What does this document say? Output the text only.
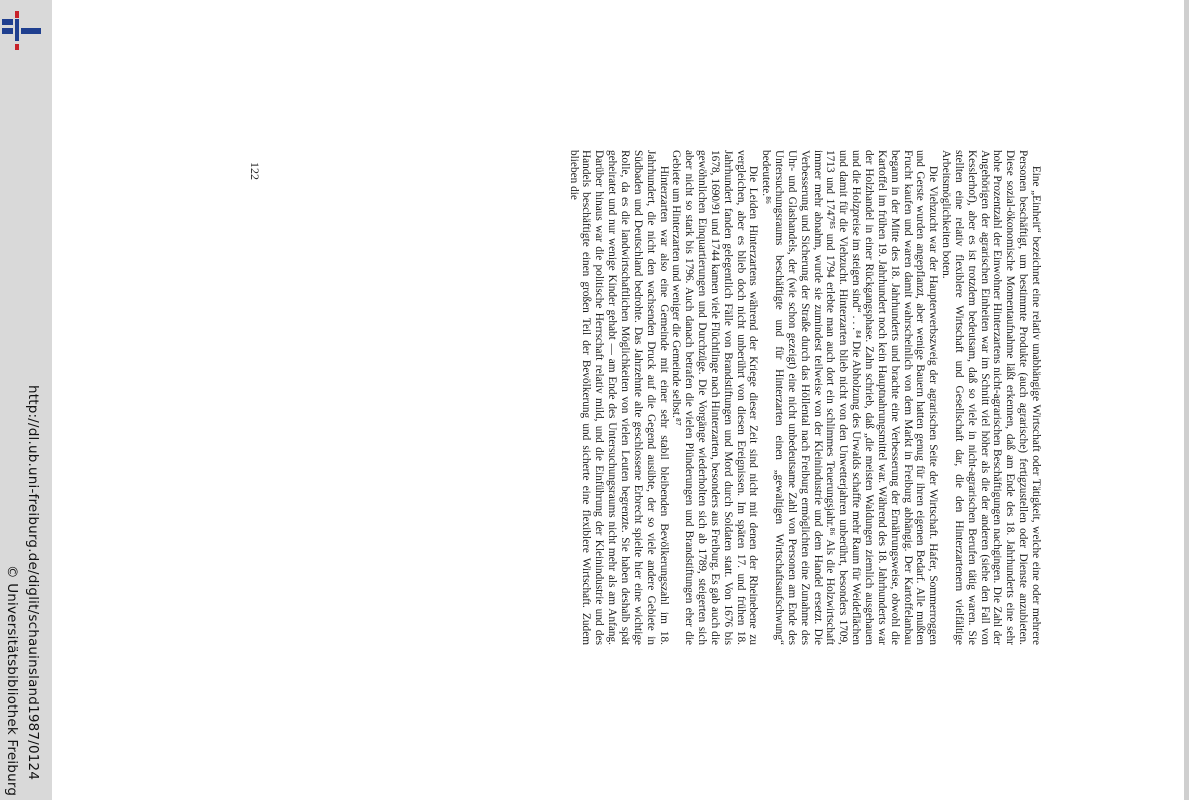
http://dl.ub.uni-freiburg.de/diglit/schauinsland1987/0124
© Universitätsbibliothek Freiburg

Eine „Einheit“ bezeichnet eine relativ unabhängige Wirtschaft oder Tätigkeit, welche eine oder mehrere Personen beschäftigt, um bestimmte Produkte (auch agrarische) fertigzustellen oder Dienste anzubieten. Diese sozial-ökonomische Momentaufnahme läßt erkennen, daß am Ende des 18. Jahrhunderts eine sehr hohe Prozentzahl der Einwohner Hinterzartens nicht-agrarischen Beschäftigungen nachgingen. Die Zahl der Angehörigen der agrarischen Einheiten war im Schnitt viel höher als die der anderen (siehe den Fall von Kesslerhof), aber es ist trotzdem bedeutsam, daß so viele in nicht-agrarischen Berufen tätig waren. Sie stellten eine relativ flexiblere Wirtschaft und Gesellschaft dar, die den Hinterzartenern vielfältige Arbeitsmöglichkeiten boten.

Die Viehzucht war der Haupterwerbszweig der agrarischen Seite der Wirtschaft. Hafer, Sommerroggen und Gerste wurden angepflanzt, aber wenige Bauern hatten genug für ihren eigenen Bedarf. Alle mußten Frucht kaufen und waren damit wahrscheinlich von dem Markt in Freiburg abhängig. Der Kartoffelanbau begann in der Mitte des 18. Jahrhunderts und brachte eine Verbesserung der Ernährungsweise, obwohl die Kartoffel im frühen 19. Jahrhundert noch kein Hauptnahrungsmittel war. Während des 18. Jahrhunderts war der Holzhandel in einer Rückgangsphase. Zahn schrieb, daß „die meisten Waldungen ziemlich ausgehauen und die Holzpreise im steigen sind“ . . .⁸⁴ Die Abholzung des Urwalds schaffte mehr Raum für Weideflächen und damit für die Viehzucht. Hinterzarten blieb nicht von den Unwetterjahren unberührt, besonders 1709, 1713 und 1747⁸⁵ und 1794 erlebte man auch dort ein schlimmes Teuerungsjahr.⁸⁶ Als die Holzwirtschaft immer mehr abnahm, wurde sie zumindest teilweise von der Kleinindustrie und dem Handel ersetzt. Die Verbesserung und Sicherung der Straße durch das Höllental nach Freiburg ermöglichten eine Zunahme des Uhr- und Glashandels, der (wie schon gezeigt) eine nicht unbedeutsame Zahl von Personen am Ende des Untersuchungsraums beschäftigte und für Hinterzarten einen „gewaltigen Wirtschaftsaufschwung“ bedeutete.⁸⁶

Die Leiden Hinterzartens während der Kriege dieser Zeit sind nicht mit denen der Rheinebene zu vergleichen, aber es blieb doch nicht unberührt von diesen Ereignissen. Im späten 17. und frühen 18. Jahrhundert fanden gelegentlich Fälle von Brandstiftungen und Mord durch Soldaten statt. Von 1676 bis 1678, 1690/91 und 1744 kamen viele Flüchtlinge nach Hinterzarten, besonders aus Freiburg. Es gab auch die gewöhnlichen Einquartierungen und Durchzüge. Die Vorgänge wiederholten sich ab 1789, steigerten sich aber nicht so stark bis 1796. Auch danach betrafen die vielen Plünderungen und Brandstiftungen eher die Gebiete um Hinterzarten und weniger die Gemeinde selbst.⁸⁷

Hinterzarten war also eine Gemeinde mit einer sehr stabil bleibenden Bevölkerungszahl im 18. Jahrhundert, die nicht den wachsenden Druck auf die Gegend ausübte, der so viele andere Gebiete in Südbaden und Deutschland bedrohte. Das Jahrzehnte alte geschlossene Erbrecht spielte hier eine wichtige Rolle, da es die landwirtschaftlichen Möglichkeiten von vielen Leuten begrenzte. Sie haben deshalb spät geheiratet und nur wenige Kinder gehabt — am Ende des Untersuchungsraums nicht mehr als am Anfang. Darüber hinaus war die politische Herrschaft relativ mild, und die Einführung der Kleinindustrie und des Handels beschäftigte einen großen Teil der Bevölkerung und sicherte eine flexiblere Wirtschaft. Zudem blieben die

122
